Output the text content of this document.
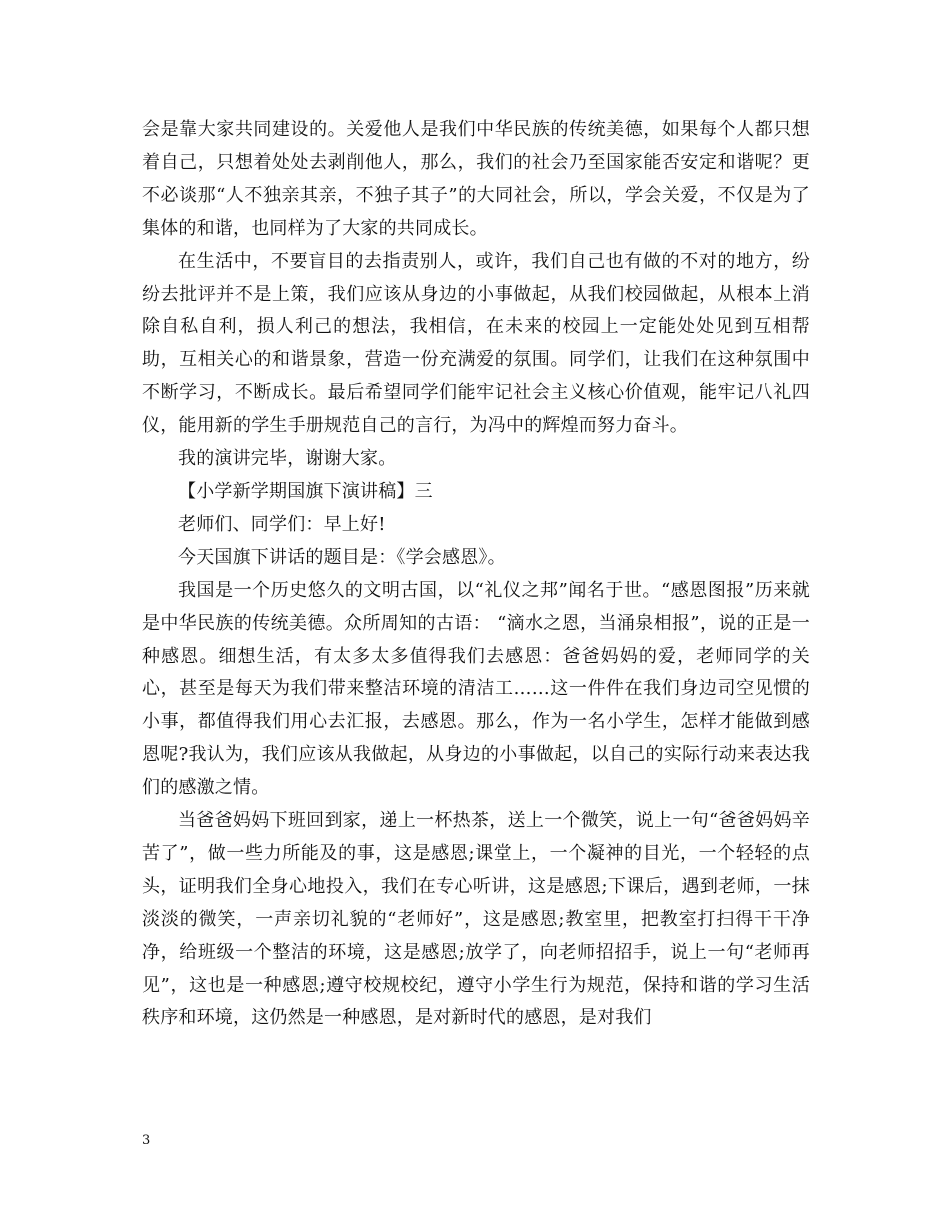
会是靠大家共同建设的。关爱他人是我们中华民族的传统美德，如果每个人都只想着自己，只想着处处去剥削他人，那么，我们的社会乃至国家能否安定和谐呢？更不必谈那“人不独亲其亲，不独子其子”的大同社会，所以，学会关爱，不仅是为了集体的和谐，也同样为了大家的共同成长。

在生活中，不要盲目的去指责别人，或许，我们自己也有做的不对的地方，纷纷去批评并不是上策，我们应该从身边的小事做起，从我们校园做起，从根本上消除自私自利，损人利己的想法，我相信，在未来的校园上一定能处处见到互相帮助，互相关心的和谐景象，营造一份充满爱的氛围。同学们，让我们在这种氛围中不断学习，不断成长。最后希望同学们能牢记社会主义核心价值观，能牢记八礼四仪，能用新的学生手册规范自己的言行，为冯中的辉煌而努力奋斗。

我的演讲完毕，谢谢大家。

【小学新学期国旗下演讲稿】三

老师们、同学们：早上好!

今天国旗下讲话的题目是：《学会感恩》。

我国是一个历史悠久的文明古国，以“礼仪之邦”闻名于世。“感恩图报”历来就是中华民族的传统美德。众所周知的古语： “滴水之恩，当涌泉相报”，说的正是一种感恩。细想生活，有太多太多值得我们去感恩：爸爸妈妈的爱，老师同学的关心，甚至是每天为我们带来整洁环境的清洁工……这一件件在我们身边司空见惯的小事，都值得我们用心去汇报，去感恩。那么，作为一名小学生，怎样才能做到感恩呢?我认为，我们应该从我做起，从身边的小事做起，以自己的实际行动来表达我们的感激之情。

当爸爸妈妈下班回到家，递上一杯热茶，送上一个微笑，说上一句“爸爸妈妈辛苦了”，做一些力所能及的事，这是感恩;课堂上，一个凝神的目光，一个轻轻的点头，证明我们全身心地投入，我们在专心听讲，这是感恩;下课后，遇到老师，一抹淡淡的微笑，一声亲切礼貌的“老师好”，这是感恩;教室里，把教室打扫得干干净净，给班级一个整洁的环境，这是感恩;放学了，向老师招招手，说上一句“老师再见”，这也是一种感恩;遵守校规校纪，遵守小学生行为规范，保持和谐的学习生活秩序和环境，这仍然是一种感恩，是对新时代的感恩，是对我们

3
